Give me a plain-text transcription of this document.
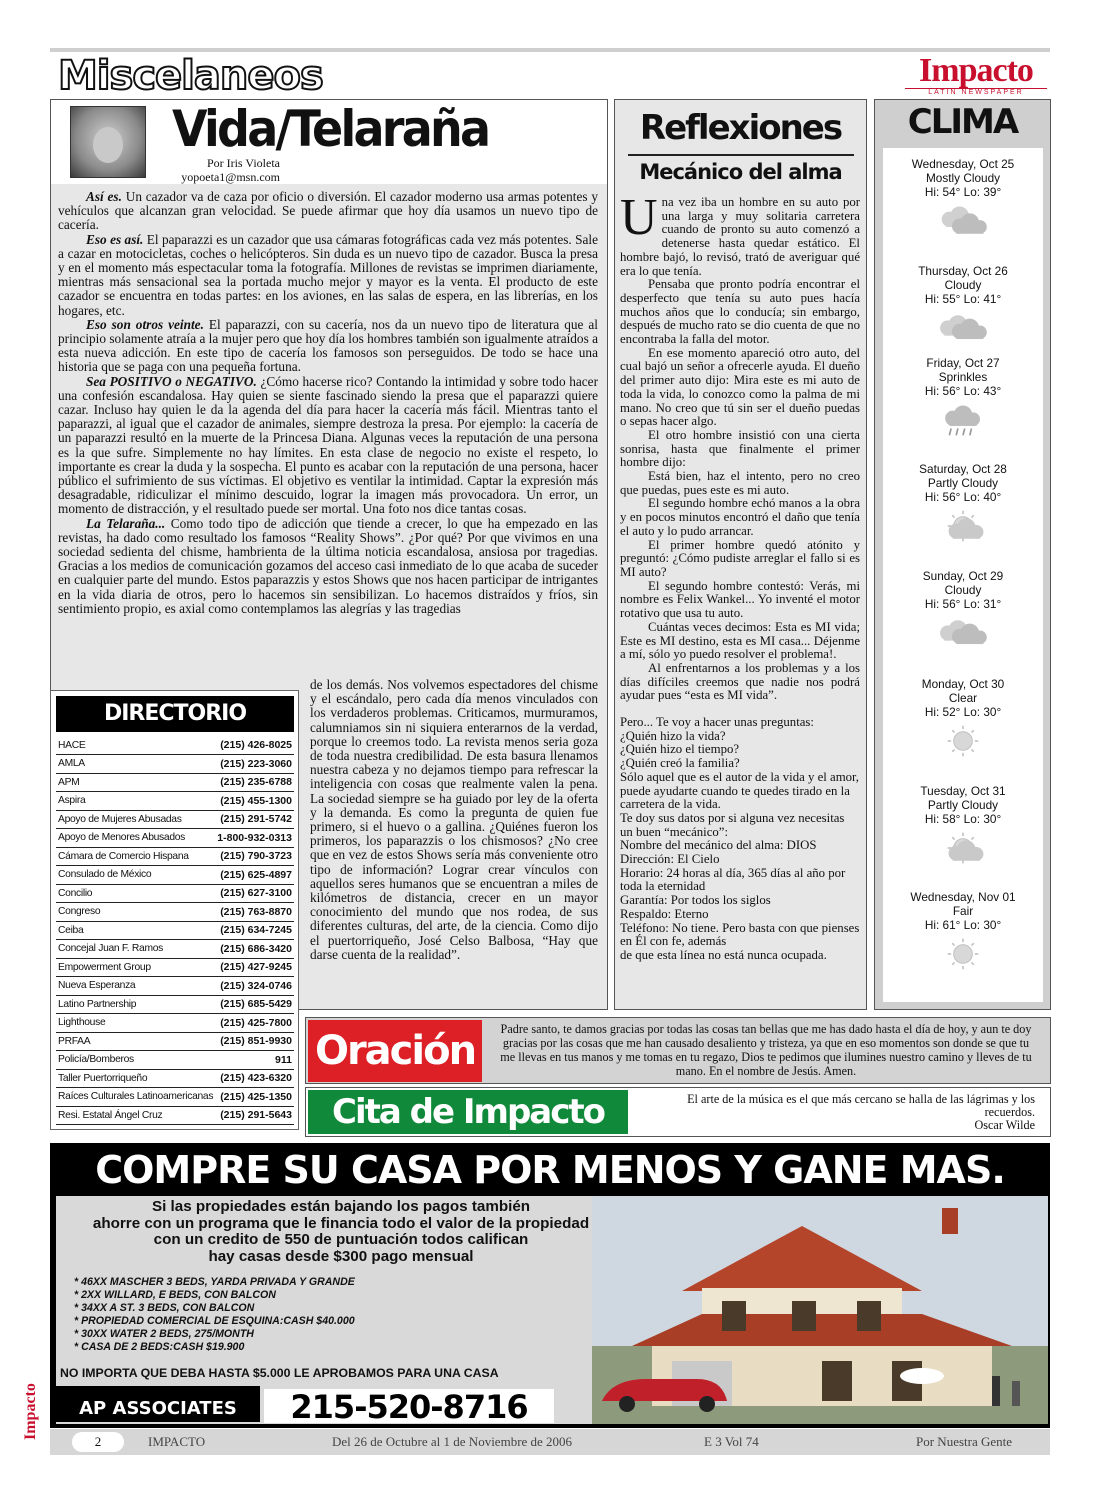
Miscelaneos	Impacto
LATIN NEWSPAPER
Vida/Telaraña
Por Iris Violeta
yopoeta1@msn.com

Así es. Un cazador va de caza por oficio o diversión. El cazador moderno usa armas potentes y vehículos que alcanzan gran velocidad. Se puede afirmar que hoy día usamos un nuevo tipo de cacería.

Eso es así. El paparazzi es un cazador que usa cámaras fotográficas cada vez más potentes. Sale a cazar en motocicletas, coches o helicópteros. Sin duda es un nuevo tipo de cazador. Busca la presa y en el momento más espectacular toma la fotografía. Millones de revistas se imprimen diariamente, mientras más sensacional sea la portada mucho mejor y mayor es la venta. El producto de este cazador se encuentra en todas partes: en los aviones, en las salas de espera, en las librerías, en los hogares, etc.

Eso son otros veinte. El paparazzi, con su cacería, nos da un nuevo tipo de literatura que al principio solamente atraía a la mujer pero que hoy día los hombres también son igualmente atraídos a esta nueva adicción. En este tipo de cacería los famosos son perseguidos. De todo se hace una historia que se paga con una pequeña fortuna.

Sea POSITIVO o NEGATIVO. ¿Cómo hacerse rico? Contando la intimidad y sobre todo hacer una confesión escandalosa. Hay quien se siente fascinado siendo la presa que el paparazzi quiere cazar. Incluso hay quien le da la agenda del día para hacer la cacería más fácil. Mientras tanto el paparazzi, al igual que el cazador de animales, siempre destroza la presa. Por ejemplo: la cacería de un paparazzi resultó en la muerte de la Princesa Diana. Algunas veces la reputación de una persona es la que sufre. Simplemente no hay límites. En esta clase de negocio no existe el respeto, lo importante es crear la duda y la sospecha. El punto es acabar con la reputación de una persona, hacer público el sufrimiento de sus víctimas. El objetivo es ventilar la intimidad. Captar la expresión más desagradable, ridiculizar el mínimo descuido, lograr la imagen más provocadora. Un error, un momento de distracción, y el resultado puede ser mortal. Una foto nos dice tantas cosas.

La Telaraña... Como todo tipo de adicción que tiende a crecer, lo que ha empezado en las revistas, ha dado como resultado los famosos “Reality Shows”. ¿Por qué? Por que vivimos en una sociedad sedienta del chisme, hambrienta de la última noticia escandalosa, ansiosa por tragedias. Gracias a los medios de comunicación gozamos del acceso casi inmediato de lo que acaba de suceder en cualquier parte del mundo. Estos paparazzis y estos Shows que nos hacen participar de intrigantes en la vida diaria de otros, pero lo hacemos sin sensibilizan. Lo hacemos distraídos y fríos, sin sentimiento propio, es axial como contemplamos las alegrías y las tragedias

de los demás. Nos volvemos espectadores del chisme y el escándalo, pero cada día menos vinculados con los verdaderos problemas. Criticamos, murmuramos, calumniamos sin ni siquiera enterarnos de la verdad, porque lo creemos todo. La revista menos seria goza de toda nuestra credibilidad. De esta basura llenamos nuestra cabeza y no dejamos tiempo para refrescar la inteligencia con cosas que realmente valen la pena. La sociedad siempre se ha guiado por ley de la oferta y la demanda. Es como la pregunta de quien fue primero, si el huevo o a gallina. ¿Quiénes fueron los primeros, los paparazzis o los chismosos? ¿No cree que en vez de estos Shows sería más conveniente otro tipo de información? Lograr crear vínculos con aquellos seres humanos que se encuentran a miles de kilómetros de distancia, crecer en un mayor conocimiento del mundo que nos rodea, de sus diferentes culturas, del arte, de la ciencia. Como dijo el puertorriqueño, José Celso Balbosa, “Hay que darse cuenta de la realidad”.
DIRECTORIO COMUNAL
HACE	(215) 426-8025
AMLA	(215) 223-3060
APM	(215) 235-6788
Aspira	(215) 455-1300
Apoyo de Mujeres Abusadas	(215) 291-5742
Apoyo de Menores Abusados	1-800-932-0313
Cámara de Comercio Hispana	(215) 790-3723
Consulado de México	(215) 625-4897
Concilio	(215) 627-3100
Congreso	(215) 763-8870
Ceiba	(215) 634-7245
Concejal Juan F. Ramos	(215) 686-3420
Empowerment Group	(215) 427-9245
Nueva Esperanza	(215) 324-0746
Latino Partnership	(215) 685-5429
Lighthouse	(215) 425-7800
PRFAA	(215) 851-9930
Policía/Bomberos	911
Taller Puertorriqueño	(215) 423-6320
Raíces Culturales Latinoamericanas	(215) 425-1350
Resi. Estatal Ángel Cruz	(215) 291-5643
Reflexiones
Mecánico del alma

Una vez iba un hombre en su auto por una larga y muy solitaria carretera cuando de pronto su auto comenzó a detenerse hasta quedar estático. El hombre bajó, lo revisó, trató de averiguar qué era lo que tenía.

Pensaba que pronto podría encontrar el desperfecto que tenía su auto pues hacía muchos años que lo conducía; sin embargo, después de mucho rato se dio cuenta de que no encontraba la falla del motor.

En ese momento apareció otro auto, del cual bajó un señor a ofrecerle ayuda. El dueño del primer auto dijo: Mira este es mi auto de toda la vida, lo conozco como la palma de mi mano. No creo que tú sin ser el dueño puedas o sepas hacer algo.

El otro hombre insistió con una cierta sonrisa, hasta que finalmente el primer hombre dijo:

Está bien, haz el intento, pero no creo que puedas, pues este es mi auto.

El segundo hombre echó manos a la obra y en pocos minutos encontró el daño que tenía el auto y lo pudo arrancar.

El primer hombre quedó atónito y preguntó: ¿Cómo pudiste arreglar el fallo si es MI auto?

El segundo hombre contestó: Verás, mi nombre es Felix Wankel... Yo inventé el motor rotativo que usa tu auto.

Cuántas veces decimos: Esta es MI vida; Este es MI destino, esta es MI casa... Déjenme a mí, sólo yo puedo resolver el problema!.

Al enfrentarnos a los problemas y a los días difíciles creemos que nadie nos podrá ayudar pues “esta es MI vida”.

Pero... Te voy a hacer unas preguntas:
¿Quién hizo la vida?
¿Quién hizo el tiempo?
¿Quién creó la familia?
Sólo aquel que es el autor de la vida y el amor, puede ayudarte cuando te quedes tirado en la carretera de la vida.
Te doy sus datos por si alguna vez necesitas un buen “mecánico”:
Nombre del mecánico del alma: DIOS Dirección: El Cielo
Horario: 24 horas al día, 365 días al año por toda la eternidad
Garantía: Por todos los siglos
Respaldo: Eterno
Teléfono: No tiene. Pero basta con que pienses en Él con fe, además
de que esta línea no está nunca ocupada.
CLIMA
Wednesday, Oct 25
Mostly Cloudy
Hi: 54° Lo: 39°
Thursday, Oct 26
Cloudy
Hi: 55° Lo: 41°
Friday, Oct 27
Sprinkles
Hi: 56° Lo: 43°
Saturday, Oct 28
Partly Cloudy
Hi: 56° Lo: 40°
Sunday, Oct 29
Cloudy
Hi: 56° Lo: 31°
Monday, Oct 30
Clear
Hi: 52° Lo: 30°
Tuesday, Oct 31
Partly Cloudy
Hi: 58° Lo: 30°
Wednesday, Nov 01
Fair
Hi: 61° Lo: 30°
Oración	Padre santo, te damos gracias por todas las cosas tan bellas que me has dado hasta el día de hoy, y aun te doy gracias por las cosas que me han causado desaliento y tristeza, ya que en eso momentos son donde se que tu me llevas en tus manos y me tomas en tu regazo, Dios te pedimos que ilumines nuestro camino y lleves de tu mano. En el nombre de Jesús. Amen.
Cita de Impacto	El arte de la música es el que más cercano se halla de las lágrimas y los recuerdos.
Oscar Wilde
COMPRE SU CASA POR MENOS Y GANE MAS.
Si las propiedades están bajando los pagos también
ahorre con un programa que le financia todo el valor de la propiedad
con un credito de 550 de puntuación todos califican
hay casas desde $300 pago mensual
* 46XX MASCHER 3 BEDS, YARDA PRIVADA Y GRANDE
* 2XX WILLARD, E BEDS, CON BALCON
* 34XX A ST. 3 BEDS, CON BALCON
* PROPIEDAD COMERCIAL DE ESQUINA:CASH $40.000
* 30XX WATER 2 BEDS, 275/MONTH
* CASA DE 2 BEDS:CASH $19.900
NO IMPORTA QUE DEBA HASTA $5.000 LE APROBAMOS PARA UNA CASA
AP ASSOCIATES	215-520-8716
Impacto
2	IMPACTO	Del 26 de Octubre al 1 de Noviembre de 2006	E 3 Vol 74	Por Nuestra Gente
